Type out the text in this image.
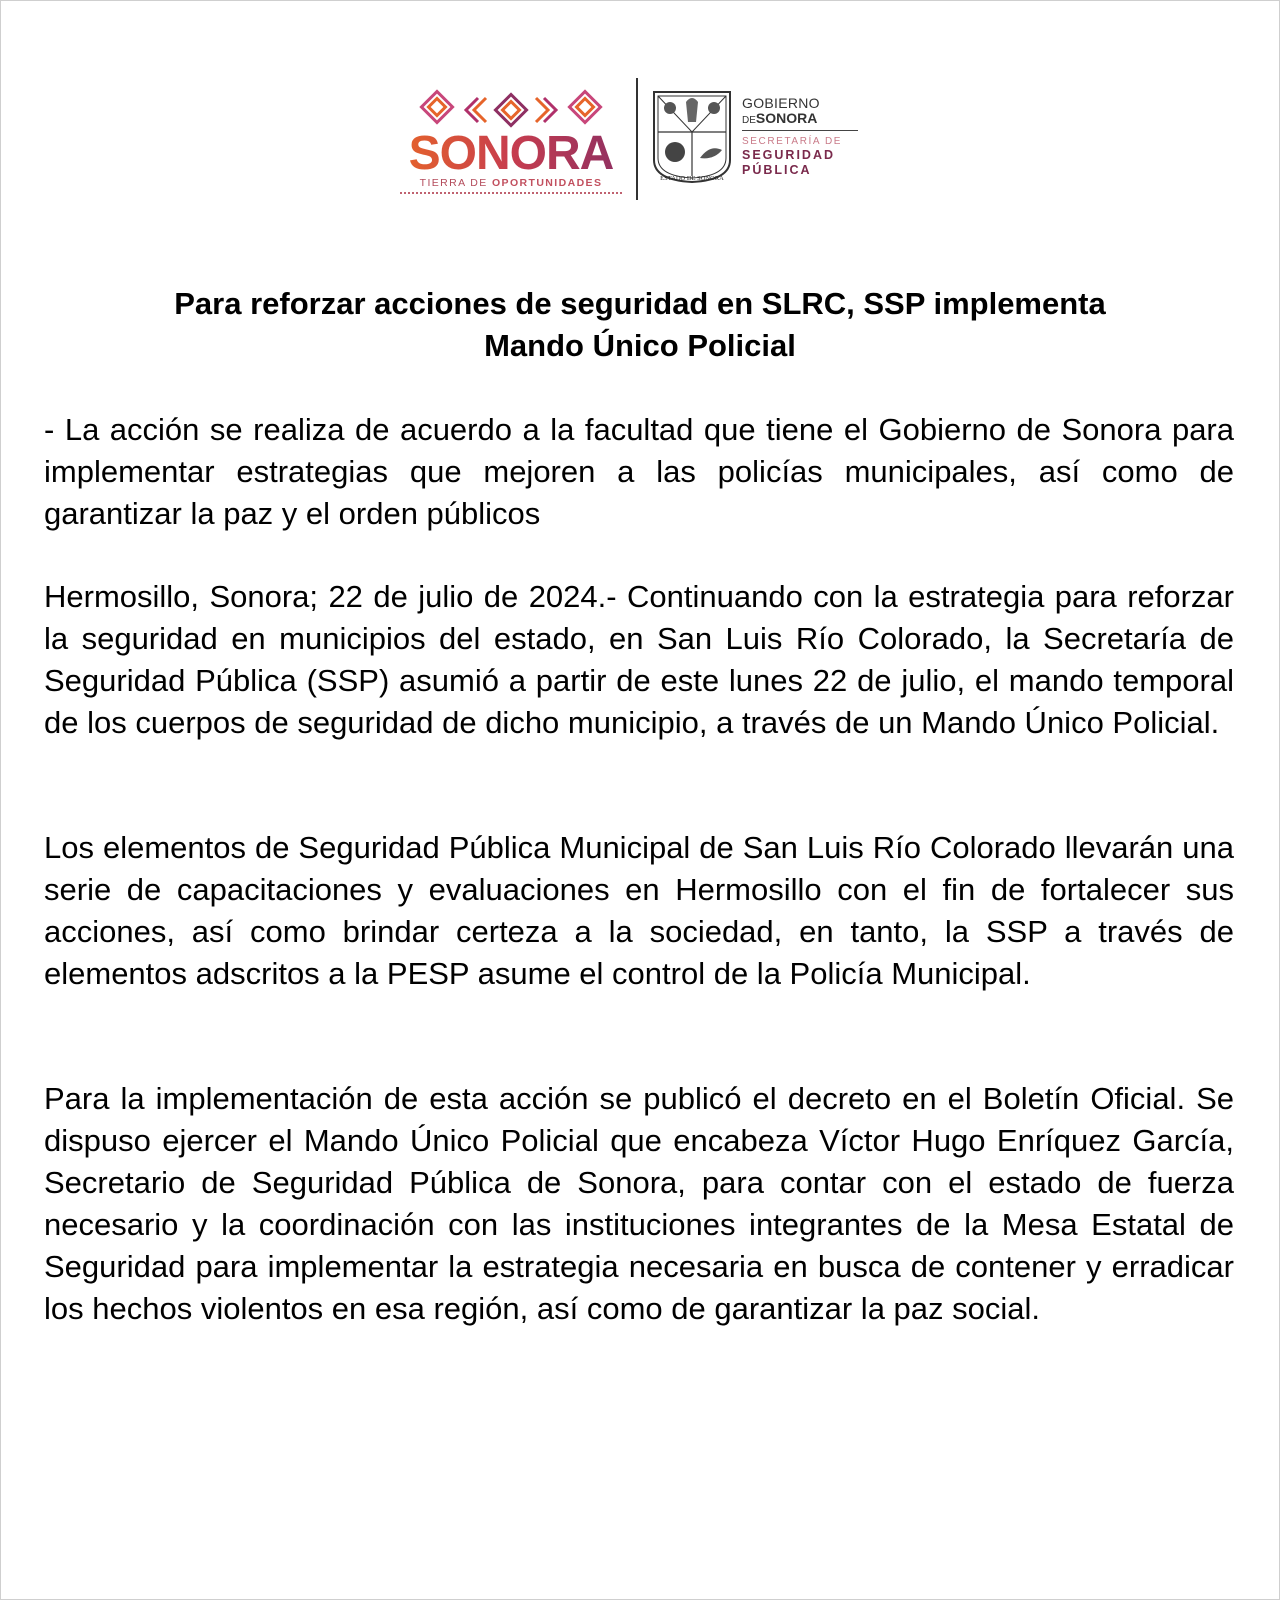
SONORA
TIERRA DE OPORTUNIDADES	ESTADO DE SONORA
GOBIERNO
DESONORA
SECRETARÍA DE
SEGURIDAD
PÚBLICA
Para reforzar acciones de seguridad en SLRC, SSP implementa
Mando Único Policial

- La acción se realiza de acuerdo a la facultad que tiene el Gobierno de Sonora para implementar estrategias que mejoren a las policías municipales, así como de garantizar la paz y el orden públicos

Hermosillo, Sonora; 22 de julio de 2024.- Continuando con la estrategia para reforzar la seguridad en municipios del estado, en San Luis Río Colorado, la Secretaría de Seguridad Pública (SSP) asumió a partir de este lunes 22 de julio, el mando temporal de los cuerpos de seguridad de dicho municipio, a través de un Mando Único Policial.

Los elementos de Seguridad Pública Municipal de San Luis Río Colorado llevarán una serie de capacitaciones y evaluaciones en Hermosillo con el fin de fortalecer sus acciones, así como brindar certeza a la sociedad, en tanto, la SSP a través de elementos adscritos a la PESP asume el control de la Policía Municipal.

Para la implementación de esta acción se publicó el decreto en el Boletín Oficial. Se dispuso ejercer el Mando Único Policial que encabeza Víctor Hugo Enríquez García, Secretario de Seguridad Pública de Sonora, para contar con el estado de fuerza necesario y la coordinación con las instituciones integrantes de la Mesa Estatal de Seguridad para implementar la estrategia necesaria en busca de contener y erradicar los hechos violentos en esa región, así como de garantizar la paz social.
